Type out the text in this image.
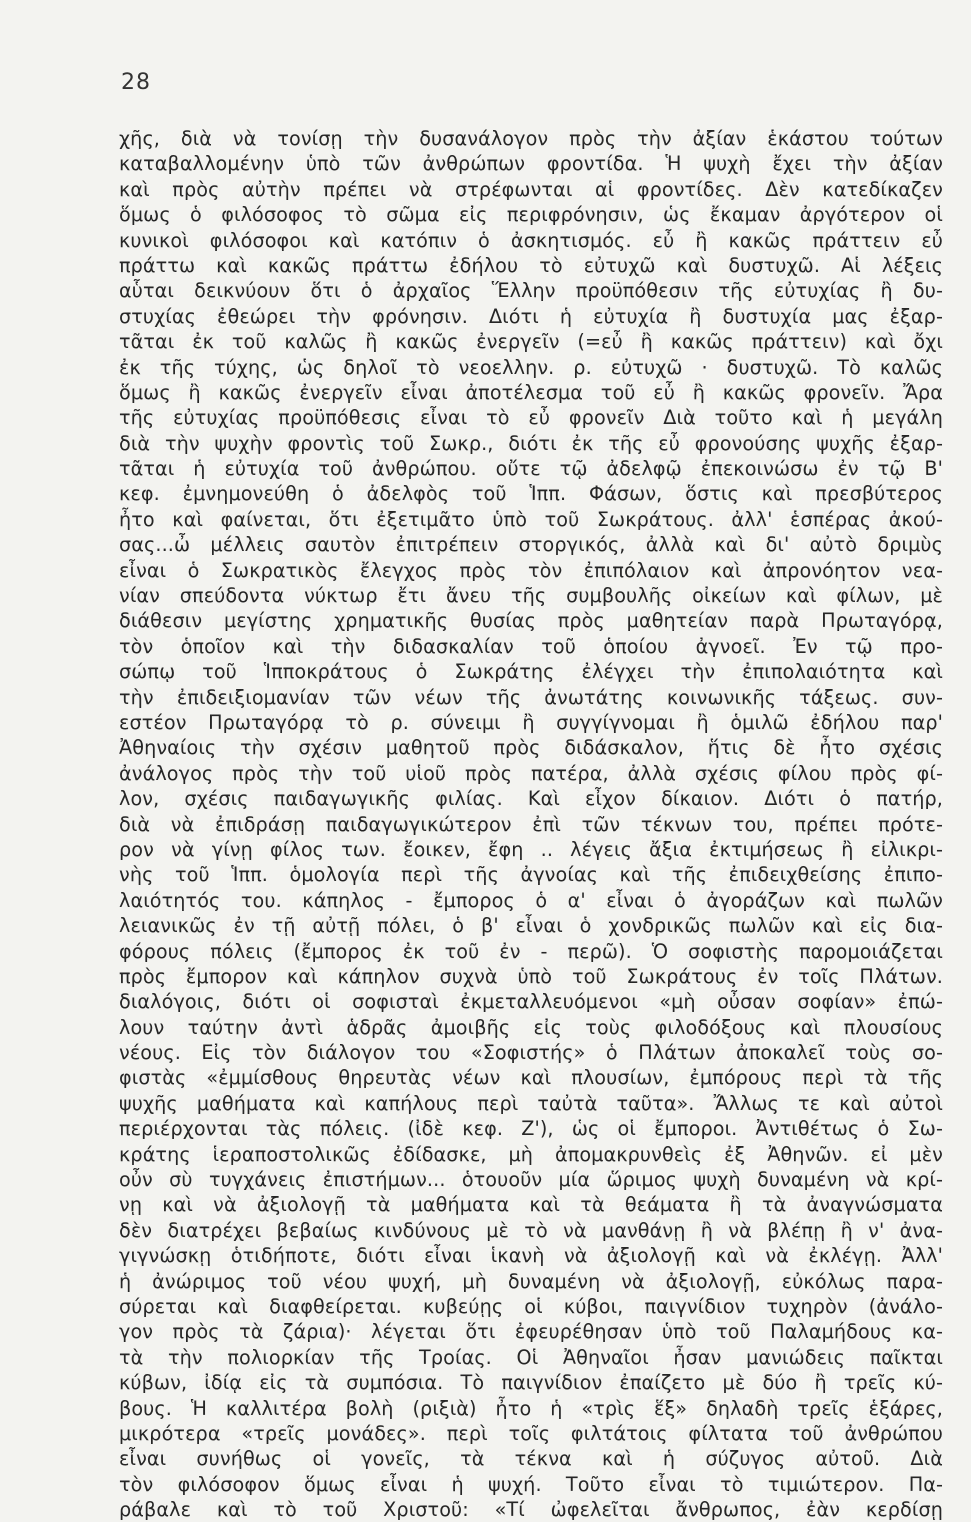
28
χῆς, διὰ νὰ τονίσῃ τὴν δυσανάλογον πρὸς τὴν ἀξίαν ἑκάστου τούτων
καταβαλλομένην ὑπὸ τῶν ἀνθρώπων φροντίδα. Ἡ ψυχὴ ἔχει τὴν ἀξίαν
καὶ πρὸς αὐτὴν πρέπει νὰ στρέφωνται αἱ φροντίδες. Δὲν κατεδίκαζεν
ὅμως ὁ φιλόσοφος τὸ σῶμα εἰς περιφρόνησιν, ὡς ἔκαμαν ἀργότερον οἱ
κυνικοὶ φιλόσοφοι καὶ κατόπιν ὁ ἀσκητισμός. εὖ ἢ κακῶς πράττειν εὖ
πράττω καὶ κακῶς πράττω ἐδήλου τὸ εὐτυχῶ καὶ δυστυχῶ. Αἱ λέξεις
αὗται δεικνύουν ὅτι ὁ ἀρχαῖος Ἕλλην προϋπόθεσιν τῆς εὐτυχίας ἢ δυ-
στυχίας ἐθεώρει τὴν φρόνησιν. Διότι ἡ εὐτυχία ἢ δυστυχία μας ἐξαρ-
τᾶται ἐκ τοῦ καλῶς ἢ κακῶς ἐνεργεῖν (=εὖ ἢ κακῶς πράττειν) καὶ ὄχι
ἐκ τῆς τύχης, ὡς δηλοῖ τὸ νεοελλην. ρ. εὐτυχῶ · δυστυχῶ. Τὸ καλῶς
ὅμως ἢ κακῶς ἐνεργεῖν εἶναι ἀποτέλεσμα τοῦ εὖ ἢ κακῶς φρονεῖν. Ἄρα
τῆς εὐτυχίας προϋπόθεσις εἶναι τὸ εὖ φρονεῖν Διὰ τοῦτο καὶ ἡ μεγάλη
διὰ τὴν ψυχὴν φροντὶς τοῦ Σωκρ., διότι ἐκ τῆς εὖ φρονούσης ψυχῆς ἐξαρ-
τᾶται ἡ εὐτυχία τοῦ ἀνθρώπου. οὔτε τῷ ἀδελφῷ ἐπεκοινώσω ἐν τῷ Β'
κεφ. ἐμνημονεύθη ὁ ἀδελφὸς τοῦ Ἱππ. Φάσων, ὅστις καὶ πρεσβύτερος
ἦτο καὶ φαίνεται, ὅτι ἐξετιμᾶτο ὑπὸ τοῦ Σωκράτους. ἀλλ' ἑσπέρας ἀκού-
σας...ὦ μέλλεις σαυτὸν ἐπιτρέπειν στοργικός, ἀλλὰ καὶ δι' αὐτὸ δριμὺς
εἶναι ὁ Σωκρατικὸς ἔλεγχος πρὸς τὸν ἐπιπόλαιον καὶ ἀπρονόητον νεα-
νίαν σπεύδοντα νύκτωρ ἔτι ἄνευ τῆς συμβουλῆς οἰκείων καὶ φίλων, μὲ
διάθεσιν μεγίστης χρηματικῆς θυσίας πρὸς μαθητείαν παρὰ Πρωταγόρᾳ,
τὸν ὁποῖον καὶ τὴν διδασκαλίαν τοῦ ὁποίου ἀγνοεῖ. Ἐν τῷ προ-
σώπῳ τοῦ Ἱπποκράτους ὁ Σωκράτης ἐλέγχει τὴν ἐπιπολαιότητα καὶ
τὴν ἐπιδειξιομανίαν τῶν νέων τῆς ἀνωτάτης κοινωνικῆς τάξεως. συν-
εστέον Πρωταγόρᾳ τὸ ρ. σύνειμι ἢ συγγίγνομαι ἢ ὁμιλῶ ἐδήλου παρ'
Ἀθηναίοις τὴν σχέσιν μαθητοῦ πρὸς διδάσκαλον, ἥτις δὲ ἦτο σχέσις
ἀνάλογος πρὸς τὴν τοῦ υἱοῦ πρὸς πατέρα, ἀλλὰ σχέσις φίλου πρὸς φί-
λον, σχέσις παιδαγωγικῆς φιλίας. Καὶ εἶχον δίκαιον. Διότι ὁ πατήρ,
διὰ νὰ ἐπιδράσῃ παιδαγωγικώτερον ἐπὶ τῶν τέκνων του, πρέπει πρότε-
ρον νὰ γίνῃ φίλος των. ἔοικεν, ἔφη .. λέγεις ἄξια ἐκτιμήσεως ἢ εἰλικρι-
νὴς τοῦ Ἱππ. ὁμολογία περὶ τῆς ἀγνοίας καὶ τῆς ἐπιδειχθείσης ἐπιπο-
λαιότητός του. κάπηλος - ἔμπορος ὁ α' εἶναι ὁ ἀγοράζων καὶ πωλῶν
λειανικῶς ἐν τῇ αὐτῇ πόλει, ὁ β' εἶναι ὁ χονδρικῶς πωλῶν καὶ εἰς δια-
φόρους πόλεις (ἔμπορος ἐκ τοῦ ἐν - περῶ). Ὁ σοφιστὴς παρομοιάζεται
πρὸς ἔμπορον καὶ κάπηλον συχνὰ ὑπὸ τοῦ Σωκράτους ἐν τοῖς Πλάτων.
διαλόγοις, διότι οἱ σοφισταὶ ἐκμεταλλευόμενοι «μὴ οὖσαν σοφίαν» ἐπώ-
λουν ταύτην ἀντὶ ἁδρᾶς ἀμοιβῆς εἰς τοὺς φιλοδόξους καὶ πλουσίους
νέους. Εἰς τὸν διάλογον του «Σοφιστής» ὁ Πλάτων ἀποκαλεῖ τοὺς σο-
φιστὰς «ἐμμίσθους θηρευτὰς νέων καὶ πλουσίων, ἐμπόρους περὶ τὰ τῆς
ψυχῆς μαθήματα καὶ καπήλους περὶ ταὐτὰ ταῦτα». Ἄλλως τε καὶ αὐτοὶ
περιέρχονται τὰς πόλεις. (ἰδὲ κεφ. Ζ'), ὡς οἱ ἔμποροι. Ἀντιθέτως ὁ Σω-
κράτης ἱεραποστολικῶς ἐδίδασκε, μὴ ἀπομακρυνθεὶς ἐξ Ἀθηνῶν. εἰ μὲν
οὖν σὺ τυγχάνεις ἐπιστήμων... ὁτουοῦν μία ὥριμος ψυχὴ δυναμένη νὰ κρί-
νῃ καὶ νὰ ἀξιολογῇ τὰ μαθήματα καὶ τὰ θεάματα ἢ τὰ ἀναγνώσματα
δὲν διατρέχει βεβαίως κινδύνους μὲ τὸ νὰ μανθάνῃ ἢ νὰ βλέπῃ ἢ ν' ἀνα-
γιγνώσκῃ ὁτιδήποτε, διότι εἶναι ἱκανὴ νὰ ἀξιολογῇ καὶ νὰ ἐκλέγῃ. Ἀλλ'
ἡ ἀνώριμος τοῦ νέου ψυχή, μὴ δυναμένη νὰ ἀξιολογῇ, εὐκόλως παρα-
σύρεται καὶ διαφθείρεται. κυβεύῃς οἱ κύβοι, παιγνίδιον τυχηρὸν (ἀνάλο-
γον πρὸς τὰ ζάρια)· λέγεται ὅτι ἐφευρέθησαν ὑπὸ τοῦ Παλαμήδους κα-
τὰ τὴν πολιορκίαν τῆς Τροίας. Οἱ Ἀθηναῖοι ἦσαν μανιώδεις παῖκται
κύβων, ἰδίᾳ εἰς τὰ συμπόσια. Τὸ παιγνίδιον ἐπαίζετο μὲ δύο ἢ τρεῖς κύ-
βους. Ἡ καλλιτέρα βολὴ (ριξιὰ) ἦτο ἡ «τρὶς ἕξ» δηλαδὴ τρεῖς ἑξάρες,
μικρότερα «τρεῖς μονάδες». περὶ τοῖς φιλτάτοις φίλτατα τοῦ ἀνθρώπου
εἶναι συνήθως οἱ γονεῖς, τὰ τέκνα καὶ ἡ σύζυγος αὐτοῦ. Διὰ
τὸν φιλόσοφον ὅμως εἶναι ἡ ψυχή. Τοῦτο εἶναι τὸ τιμιώτερον. Πα-
ράβαλε καὶ τὸ τοῦ Χριστοῦ: «Τί ὠφελεῖται ἄνθρωπος, ἐὰν κερδίσῃ
